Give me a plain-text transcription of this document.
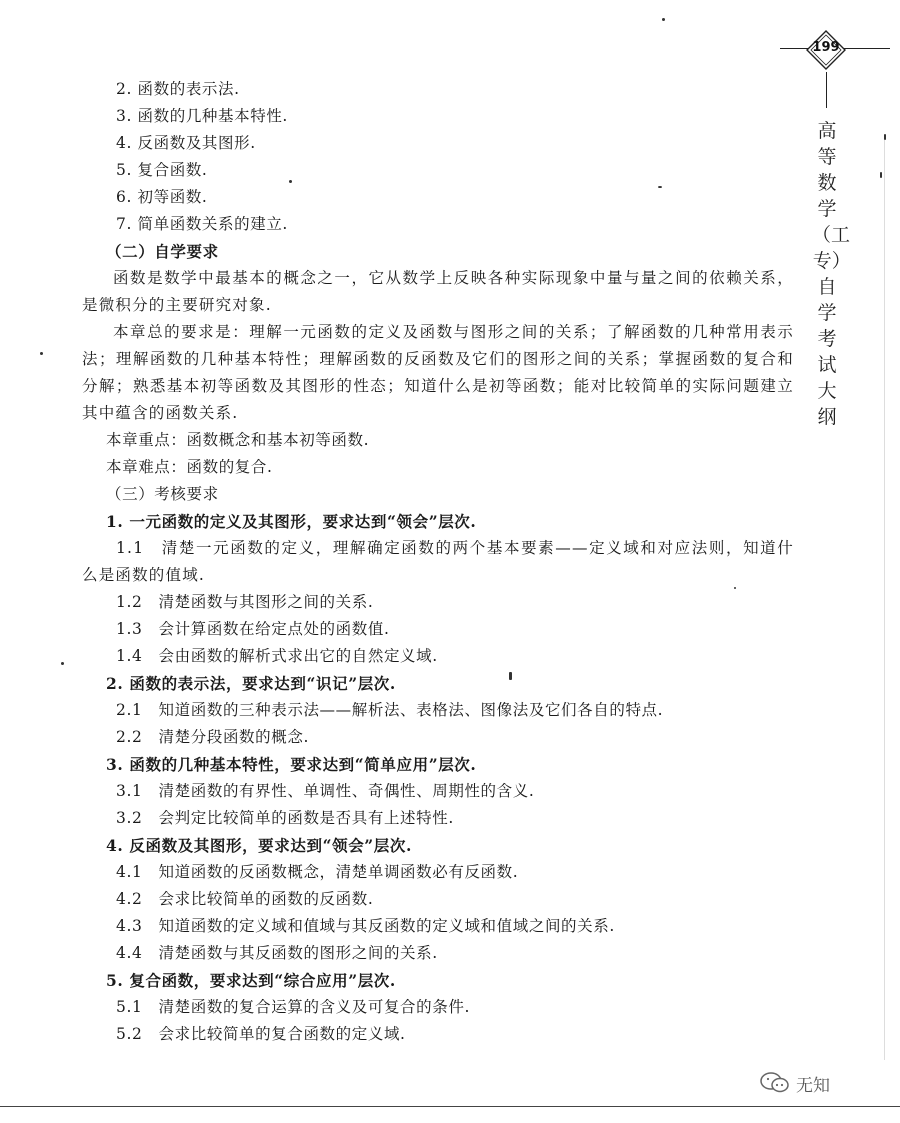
199
高等数学（工专）自学考试大纲
2. 函数的表示法.
3. 函数的几种基本特性.
4. 反函数及其图形.
5. 复合函数.
6. 初等函数.
7. 简单函数关系的建立.
（二）自学要求
函数是数学中最基本的概念之一，它从数学上反映各种实际现象中量与量之间的依赖关系，是微积分的主要研究对象.
本章总的要求是：理解一元函数的定义及函数与图形之间的关系；了解函数的几种常用表示法；理解函数的几种基本特性；理解函数的反函数及它们的图形之间的关系；掌握函数的复合和分解；熟悉基本初等函数及其图形的性态；知道什么是初等函数；能对比较简单的实际问题建立其中蕴含的函数关系.
本章重点：函数概念和基本初等函数.
本章难点：函数的复合.
（三）考核要求
1. 一元函数的定义及其图形，要求达到“领会”层次.
1.1　清楚一元函数的定义，理解确定函数的两个基本要素——定义域和对应法则，知道什么是函数的值域.
1.2　清楚函数与其图形之间的关系.
1.3　会计算函数在给定点处的函数值.
1.4　会由函数的解析式求出它的自然定义域.
2. 函数的表示法，要求达到“识记”层次.
2.1　知道函数的三种表示法——解析法、表格法、图像法及它们各自的特点.
2.2　清楚分段函数的概念.
3. 函数的几种基本特性，要求达到“简单应用”层次.
3.1　清楚函数的有界性、单调性、奇偶性、周期性的含义.
3.2　会判定比较简单的函数是否具有上述特性.
4. 反函数及其图形，要求达到“领会”层次.
4.1　知道函数的反函数概念，清楚单调函数必有反函数.
4.2　会求比较简单的函数的反函数.
4.3　知道函数的定义域和值域与其反函数的定义域和值域之间的关系.
4.4　清楚函数与其反函数的图形之间的关系.
5. 复合函数，要求达到“综合应用”层次.
5.1　清楚函数的复合运算的含义及可复合的条件.
5.2　会求比较简单的复合函数的定义域.
无知
